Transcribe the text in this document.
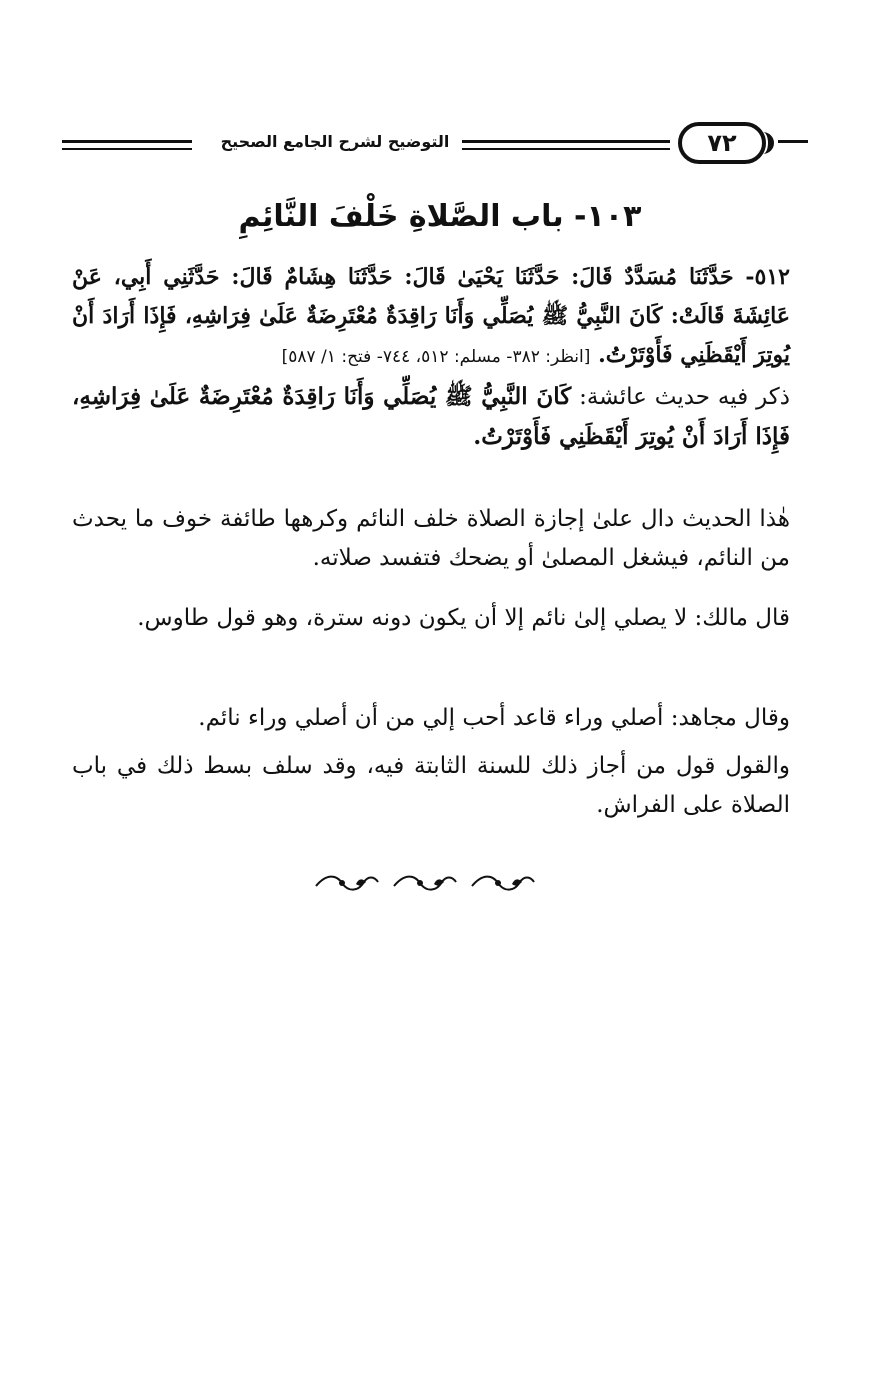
التوضيح لشرح الجامع الصحيح	٧٢
١٠٣- باب الصَّلاةِ خَلْفَ النَّائِمِ
٥١٢- حَدَّثَنَا مُسَدَّدٌ قَالَ: حَدَّثَنَا يَحْيَىٰ قَالَ: حَدَّثَنَا هِشَامٌ قَالَ: حَدَّثَنِي أَبِي، عَنْ عَائِشَةَ قَالَتْ: كَانَ النَّبِيُّ ﷺ يُصَلِّي وَأَنَا رَاقِدَةٌ مُعْتَرِضَةٌ عَلَىٰ فِرَاشِهِ، فَإِذَا أَرَادَ أَنْ يُوتِرَ أَيْقَظَنِي فَأَوْتَرْتُ. [انظر: ٣٨٢- مسلم: ٥١٢، ٧٤٤- فتح: ١/ ٥٨٧]

ذكر فيه حديث عائشة: كَانَ النَّبِيُّ ﷺ يُصَلِّي وَأَنَا رَاقِدَةٌ مُعْتَرِضَةٌ عَلَىٰ فِرَاشِهِ، فَإِذَا أَرَادَ أَنْ يُوتِرَ أَيْقَظَنِي فَأَوْتَرْتُ.

هٰذا الحديث دال علىٰ إجازة الصلاة خلف النائم وكرهها طائفة خوف ما يحدث من النائم، فيشغل المصلىٰ أو يضحك فتفسد صلاته.

قال مالك: لا يصلي إلىٰ نائم إلا أن يكون دونه سترة، وهو قول طاوس.

وقال مجاهد: أصلي وراء قاعد أحب إلي من أن أصلي وراء نائم.

والقول قول من أجاز ذلك للسنة الثابتة فيه، وقد سلف بسط ذلك في باب الصلاة على الفراش.
